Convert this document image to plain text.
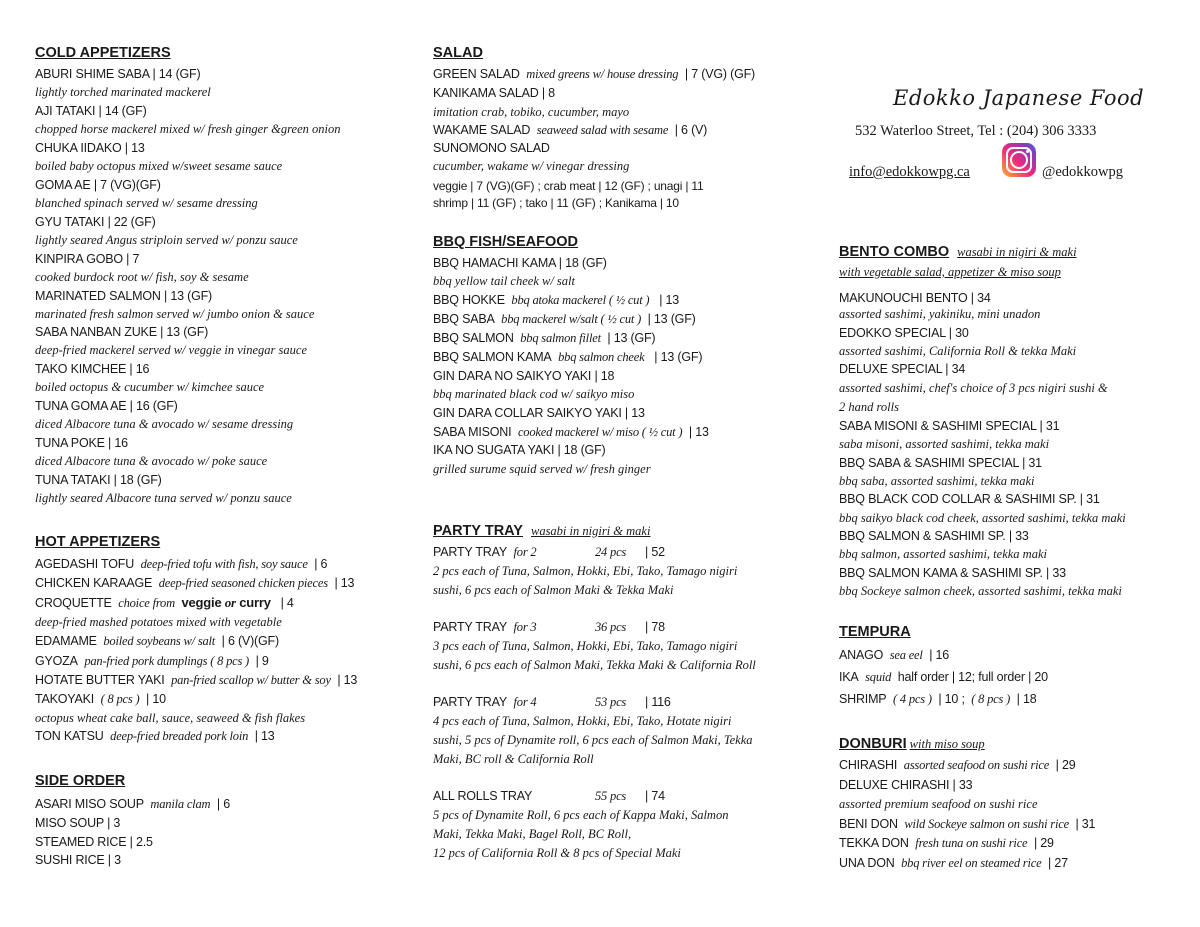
COLD APPETIZERS
ABURI SHIME SABA | 14 (GF)
lightly torched marinated mackerel
AJI TATAKI | 14 (GF)
chopped horse mackerel mixed w/ fresh ginger &green onion
CHUKA IIDAKO | 13
boiled baby octopus mixed w/sweet sesame sauce
GOMA AE | 7 (VG)(GF)
blanched spinach served w/ sesame dressing
GYU TATAKI | 22 (GF)
lightly seared Angus striploin served w/ ponzu sauce
KINPIRA GOBO | 7
cooked burdock root w/ fish, soy & sesame
MARINATED SALMON | 13 (GF)
marinated fresh salmon served w/ jumbo onion & sauce
SABA NANBAN ZUKE | 13 (GF)
deep-fried mackerel served w/ veggie in vinegar sauce
TAKO KIMCHEE | 16
boiled octopus & cucumber w/ kimchee sauce
TUNA GOMA AE | 16 (GF)
diced Albacore tuna & avocado w/ sesame dressing
TUNA POKE | 16
diced Albacore tuna & avocado w/ poke sauce
TUNA TATAKI | 18 (GF)
lightly seared Albacore tuna served w/ ponzu sauce
HOT APPETIZERS
AGEDASHI TOFU deep-fried tofu with fish, soy sauce | 6
CHICKEN KARAAGE deep-fried seasoned chicken pieces | 13
CROQUETTE choice from veggie or curry | 4
deep-fried mashed potatoes mixed with vegetable
EDAMAME boiled soybeans w/ salt | 6 (V)(GF)
GYOZA pan-fried pork dumplings ( 8 pcs ) | 9
HOTATE BUTTER YAKI pan-fried scallop w/ butter & soy | 13
TAKOYAKI ( 8 pcs ) | 10
octopus wheat cake ball, sauce, seaweed & fish flakes
TON KATSU deep-fried breaded pork loin | 13
SIDE ORDER
ASARI MISO SOUP manila clam | 6
MISO SOUP | 3
STEAMED RICE | 2.5
SUSHI RICE | 3
SALAD
GREEN SALAD mixed greens w/ house dressing | 7 (VG) (GF)
KANIKAMA SALAD | 8
imitation crab, tobiko, cucumber, mayo
WAKAME SALAD seaweed salad with sesame | 6 (V)
SUNOMONO SALAD
cucumber, wakame w/ vinegar dressing
veggie | 7 (VG)(GF) ; crab meat | 12 (GF) ; unagi | 11
shrimp | 11 (GF) ; tako | 11 (GF) ; Kanikama | 10
BBQ FISH/SEAFOOD
BBQ HAMACHI KAMA | 18 (GF)
bbq yellow tail cheek w/ salt
BBQ HOKKE bbq atoka mackerel ( ½ cut ) | 13
BBQ SABA bbq mackerel w/salt ( ½ cut ) | 13 (GF)
BBQ SALMON bbq salmon fillet | 13 (GF)
BBQ SALMON KAMA bbq salmon cheek | 13 (GF)
GIN DARA NO SAIKYO YAKI | 18
bbq marinated black cod w/ saikyo miso
GIN DARA COLLAR SAIKYO YAKI | 13
SABA MISONI cooked mackerel w/ miso ( ½ cut ) | 13
IKA NO SUGATA YAKI | 18 (GF)
grilled surume squid served w/ fresh ginger
PARTY TRAY wasabi in nigiri & maki
PARTY TRAY for 2	24 pcs | 52
2 pcs each of Tuna, Salmon, Hokki, Ebi, Tako, Tamago nigiri
sushi, 6 pcs each of Salmon Maki & Tekka Maki
PARTY TRAY for 3	36 pcs | 78
3 pcs each of Tuna, Salmon, Hokki, Ebi, Tako, Tamago nigiri
sushi, 6 pcs each of Salmon Maki, Tekka Maki & California Roll
PARTY TRAY for 4	53 pcs | 116
4 pcs each of Tuna, Salmon, Hokki, Ebi, Tako, Hotate nigiri
sushi, 5 pcs of Dynamite roll, 6 pcs each of Salmon Maki, Tekka
Maki, BC roll & California Roll
ALL ROLLS TRAY	55 pcs | 74
5 pcs of Dynamite Roll, 6 pcs each of Kappa Maki, Salmon
Maki, Tekka Maki, Bagel Roll, BC Roll,
12 pcs of California Roll & 8 pcs of Special Maki
Edokko Japanese Food
532 Waterloo Street, Tel : (204) 306 3333
info@edokkowpg.ca	@edokkowpg
BENTO COMBO wasabi in nigiri & maki
with vegetable salad, appetizer & miso soup
MAKUNOUCHI BENTO | 34
assorted sashimi, yakiniku, mini unadon
EDOKKO SPECIAL | 30
assorted sashimi, California Roll & tekka Maki
DELUXE SPECIAL | 34
assorted sashimi, chef's choice of 3 pcs nigiri sushi &
2 hand rolls
SABA MISONI & SASHIMI SPECIAL | 31
saba misoni, assorted sashimi, tekka maki
BBQ SABA & SASHIMI SPECIAL | 31
bbq saba, assorted sashimi, tekka maki
BBQ BLACK COD COLLAR & SASHIMI SP. | 31
bbq saikyo black cod cheek, assorted sashimi, tekka maki
BBQ SALMON & SASHIMI SP. | 33
bbq salmon, assorted sashimi, tekka maki
BBQ SALMON KAMA & SASHIMI SP. | 33
bbq Sockeye salmon cheek, assorted sashimi, tekka maki
TEMPURA
ANAGO sea eel | 16
IKA squid half order | 12; full order | 20
SHRIMP ( 4 pcs ) | 10 ; ( 8 pcs ) | 18
DONBURI with miso soup
CHIRASHI assorted seafood on sushi rice | 29
DELUXE CHIRASHI | 33
assorted premium seafood on sushi rice
BENI DON wild Sockeye salmon on sushi rice | 31
TEKKA DON fresh tuna on sushi rice | 29
UNA DON bbq river eel on steamed rice | 27
